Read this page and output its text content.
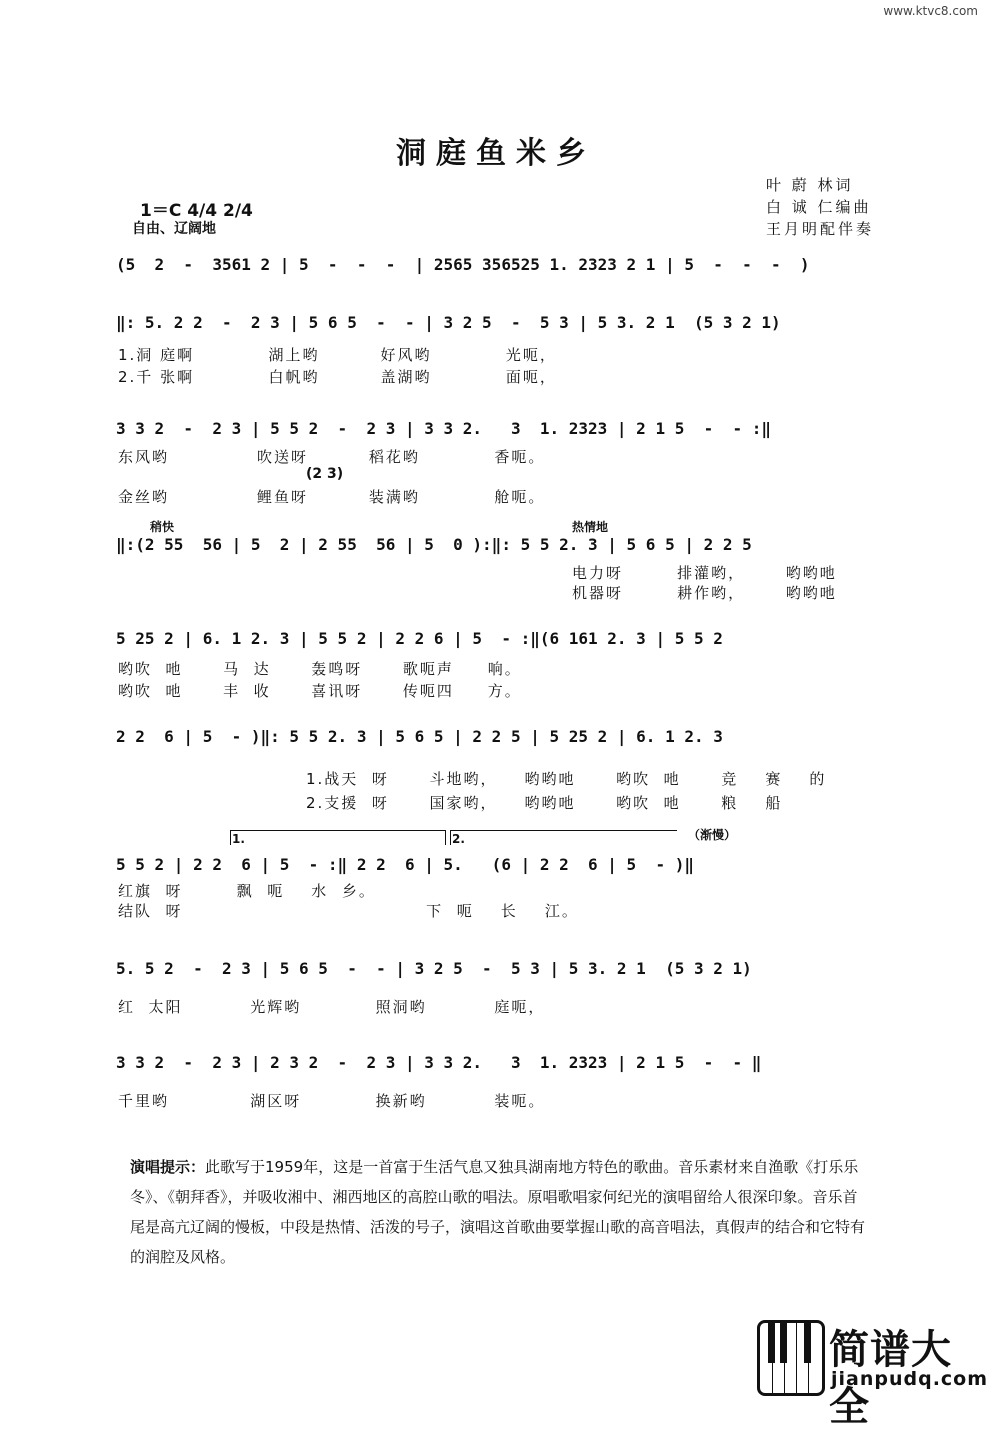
www.ktvc8.com
洞庭鱼米乡
叶 蔚 林词
白 诚 仁编曲
王月明配伴奏
1＝C 4/4 2/4
自由、辽阔地
(5  2  -  3561 2 | 5  -  -  -  | 2565 356525 1. 2323 2 1 | 5  -  -  -  )
‖: 5. 2 2  -  2 3 | 5 6 5  -  - | 3 2 5  -  5 3 | 5 3. 2 1  (5 3 2 1)
1.洞 庭啊           湖上哟         好风哟           光呃，
2.千 张啊           白帆哟         盖湖哟           面呃，
3 3 2  -  2 3 | 5 5 2  -  2 3 | 3 3 2.   3  1. 2323 | 2 1 5  -  - :‖
东风哟             吹送呀         稻花哟           香呃。
(2 3)
金丝哟             鲤鱼呀         装满哟           舱呃。
稍快	热情地
‖:(2 55  56 | 5  2 | 2 55  56 | 5  0 ):‖: 5 5 2. 3 | 5 6 5 | 2 2 5
电力呀        排灌哟，      哟哟吔
机器呀        耕作哟，      哟哟吔
5 25 2 | 6. 1 2. 3 | 5 5 2 | 2 2 6 | 5  - :‖(6 161 2. 3 | 5 5 2
哟吹  吔      马  达      轰鸣呀      歌呃声     响。
哟吹  吔      丰  收      喜讯呀      传呃四     方。
2 2  6 | 5  - )‖: 5 5 2. 3 | 5 6 5 | 2 2 5 | 5 25 2 | 6. 1 2. 3
1.战天  呀      斗地哟，    哟哟吔      哟吹  吔      竞    赛    的
2.支援  呀      国家哟，    哟哟吔      哟吹  吔      粮    船
1.	2.	（渐慢）
5 5 2 | 2 2  6 | 5  - :‖ 2 2  6 | 5.   (6 | 2 2  6 | 5  - )‖
红旗  呀        飘  呃    水  乡。
结队  呀                                    下  呃    长    江。
5. 5 2  -  2 3 | 5 6 5  -  - | 3 2 5  -  5 3 | 5 3. 2 1  (5 3 2 1)
红  太阳          光辉哟           照洞哟          庭呃，
3 3 2  -  2 3 | 2 3 2  -  2 3 | 3 3 2.   3  1. 2323 | 2 1 5  -  - ‖
千里哟            湖区呀           换新哟          装呃。
演唱提示：此歌写于1959年，这是一首富于生活气息又独具湖南地方特色的歌曲。音乐素材来自渔歌《打乐乐冬》、《朝拜香》，并吸收湘中、湘西地区的高腔山歌的唱法。原唱歌唱家何纪光的演唱留给人很深印象。音乐首尾是高亢辽阔的慢板，中段是热情、活泼的号子，演唱这首歌曲要掌握山歌的高音唱法，真假声的结合和它特有的润腔及风格。
简谱大全
jianpudq.com
